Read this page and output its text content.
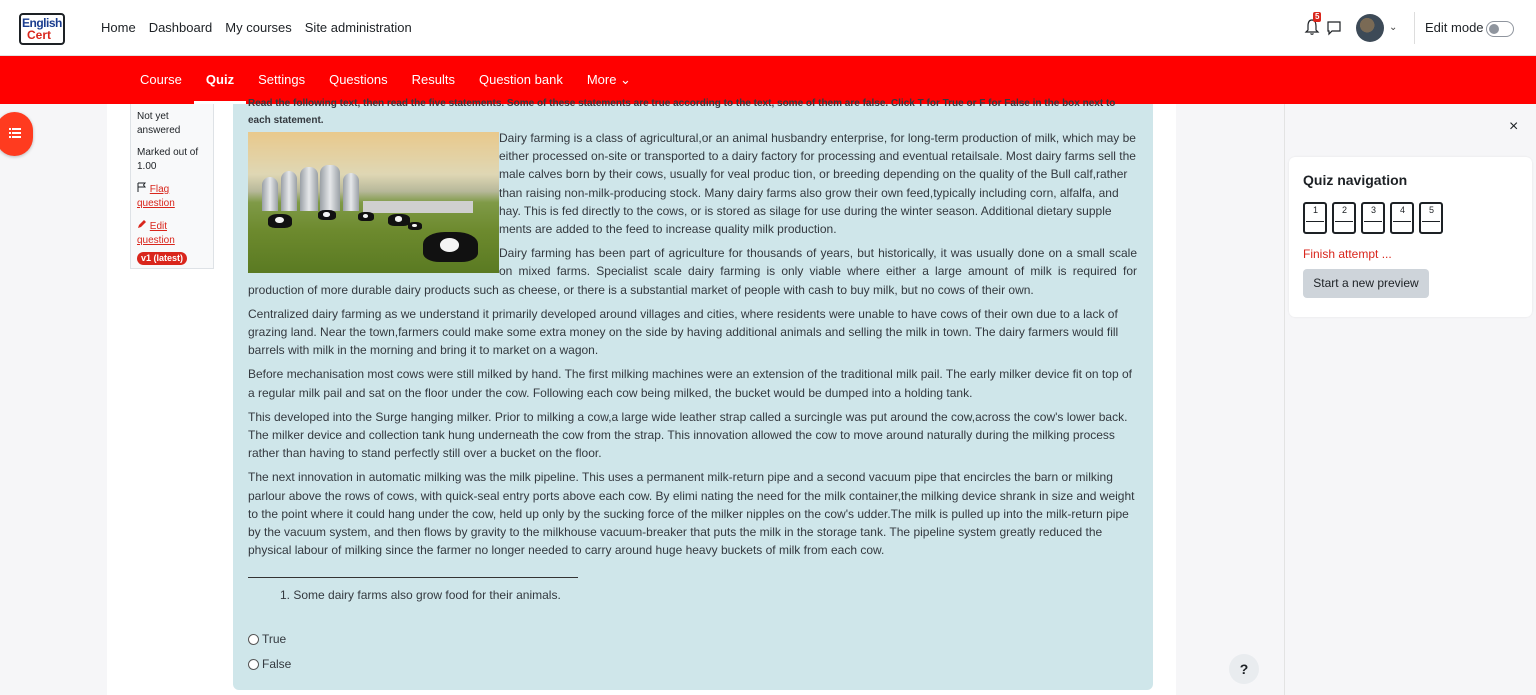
English
Cert	Home Dashboard My courses Site administration
5
⌄ Edit mode
Course	Quiz	Settings	Questions	Results	Question bank	More ⌄
Not yet answered
Marked out of 1.00
Flag question
Edit question
v1 (latest)
Read the following text, then read the five statements. Some of these statements are true according to the text, some of them are false. Click T for True or F for False in the box next to each statement.

Dairy farming is a class of agricultural,or an animal husbandry enterprise, for long-term production of milk, which may be either processed on-site or transported to a dairy factory for processing and eventual retailsale. Most dairy farms sell the male calves born by their cows, usually for veal produc tion, or breeding depending on the quality of the Bull calf,rather than raising non-milk-producing stock. Many dairy farms also grow their own feed,typically including corn, alfalfa, and hay. This is fed directly to the cows, or is stored as silage for use during the winter season. Additional dietary supple ments are added to the feed to increase quality milk production.

Dairy farming has been part of agriculture for thousands of years, but historically, it was usually done on a small scale on mixed farms. Specialist scale dairy farming is only viable where either a large amount of milk is required for production of more durable dairy products such as cheese, or there is a substantial market of people with cash to buy milk, but no cows of their own.

Centralized dairy farming as we understand it primarily developed around villages and cities, where residents were unable to have cows of their own due to a lack of grazing land. Near the town,farmers could make some extra money on the side by having additional animals and selling the milk in town. The dairy farmers would fill barrels with milk in the morning and bring it to market on a wagon.

Before mechanisation most cows were still milked by hand. The first milking machines were an extension of the traditional milk pail. The early milker device fit on top of a regular milk pail and sat on the floor under the cow. Following each cow being milked, the bucket would be dumped into a holding tank.

This developed into the Surge hanging milker. Prior to milking a cow,a large wide leather strap called a surcingle was put around the cow,across the cow's lower back. The milker device and collection tank hung underneath the cow from the strap. This innovation allowed the cow to move around naturally during the milking process rather than having to stand perfectly still over a bucket on the floor.

The next innovation in automatic milking was the milk pipeline. This uses a permanent milk-return pipe and a second vacuum pipe that encircles the barn or milking parlour above the rows of cows, with quick-seal entry ports above each cow. By elimi nating the need for the milk container,the milking device shrank in size and weight to the point where it could hang under the cow, held up only by the sucking force of the milker nipples on the cow's udder.The milk is pulled up into the milk-return pipe by the vacuum system, and then flows by gravity to the milkhouse vacuum-breaker that puts the milk in the storage tank. The pipeline system greatly reduced the physical labour of milking since the farmer no longer needed to carry around huge heavy buckets of milk from each cow.

1. Some dairy farms also grow food for their animals.
True
False
×
Quiz navigation
1	2	3	4	5
Finish attempt ...
Start a new preview
?
